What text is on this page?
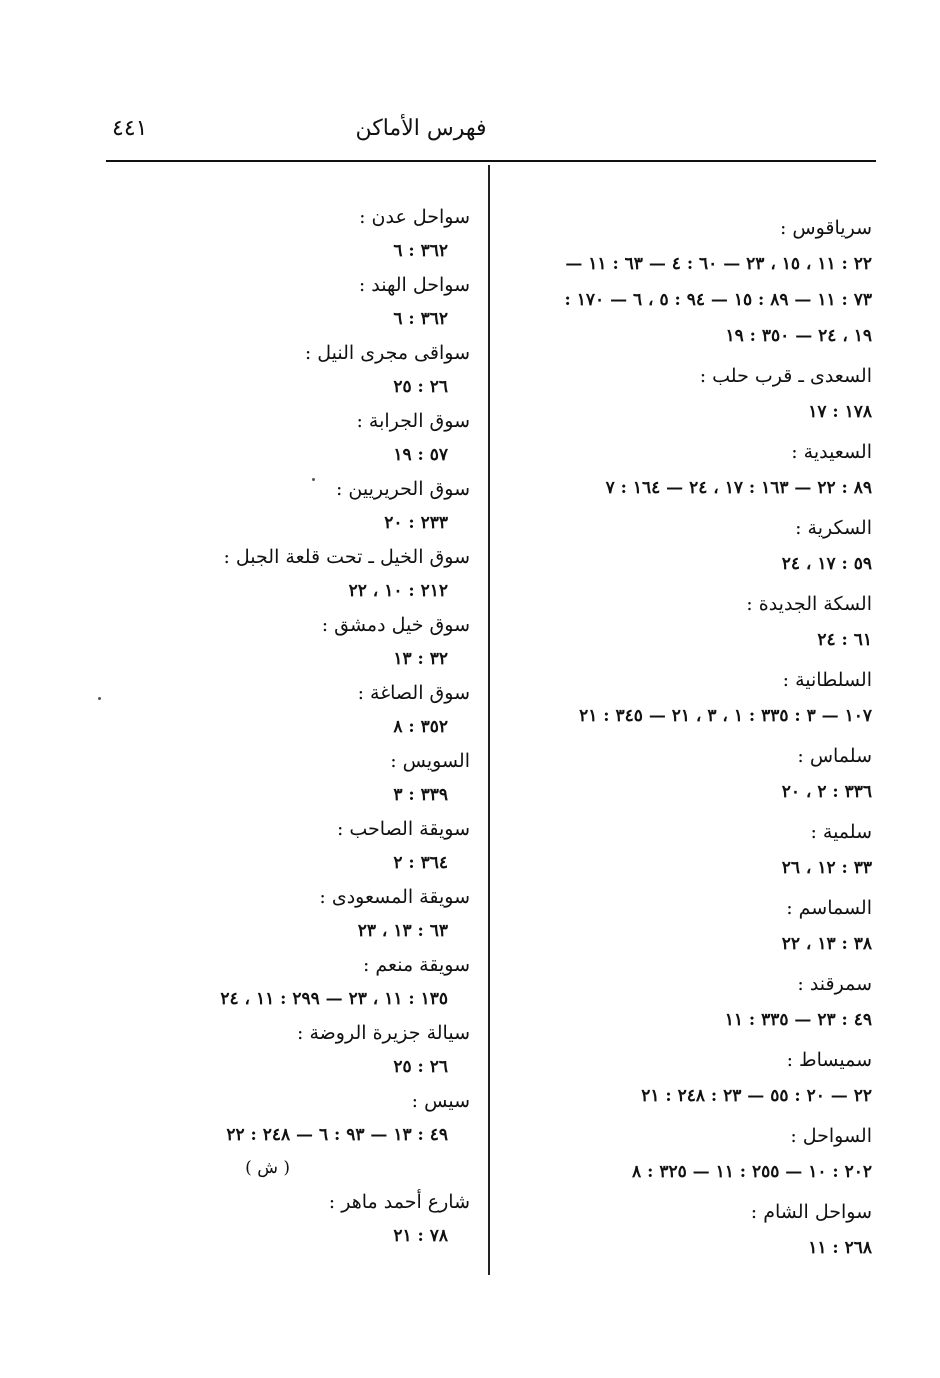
٤٤١	فهرس الأماكن
سرياقوس :
٢٢ : ١١ ، ١٥ ، ٢٣ — ٦٠ : ٤ — ٦٣ : ١١ —
٧٣ : ١١ — ٨٩ : ١٥ — ٩٤ : ٥ ، ٦ — ١٧٠ :
١٩ ، ٢٤ — ٣٥٠ : ١٩
السعدى ـ قرب حلب :
١٧٨ : ١٧
السعيدية :
٨٩ : ٢٢ — ١٦٣ : ١٧ ، ٢٤ — ١٦٤ : ٧
السكرية :
٥٩ : ١٧ ، ٢٤
السكة الجديدة :
٦١ : ٢٤
السلطانية :
١٠٧ — ٣ : ٣٣٥ : ١ ، ٣ ، ٢١ — ٣٤٥ : ٢١
سلماس :
٣٣٦ : ٢ ، ٢٠
سلمية :
٣٣ : ١٢ ، ٢٦
السماسم :
٣٨ : ١٣ ، ٢٢
سمرقند :
٤٩ : ٢٣ — ٣٣٥ : ١١
سميساط :
٢٢ — ٢٠ : ٥٥ — ٢٣ : ٢٤٨ : ٢١
السواحل :
٢٠٢ : ١٠ — ٢٥٥ : ١١ — ٣٢٥ : ٨
سواحل الشام :
٢٦٨ : ١١
سواحل عدن :
٣٦٢ : ٦
سواحل الهند :
٣٦٢ : ٦
سواقى مجرى النيل :
٢٦ : ٢٥
سوق الجرابة :
٥٧ : ١٩
سوق الحريريين :
٢٣٣ : ٢٠
سوق الخيل ـ تحت قلعة الجبل :
٢١٢ : ١٠ ، ٢٢
سوق خيل دمشق :
٣٢ : ١٣
سوق الصاغة :
٣٥٢ : ٨
السويس :
٣٣٩ : ٣
سويقة الصاحب :
٣٦٤ : ٢
سويقة المسعودى :
٦٣ : ١٣ ، ٢٣
سويقة منعم :
١٣٥ : ١١ ، ٢٣ — ٢٩٩ : ١١ ، ٢٤
سيالة جزيرة الروضة :
٢٦ : ٢٥
سيس :
٤٩ : ١٣ — ٩٣ : ٦ — ٢٤٨ : ٢٢
( ش )
شارع أحمد ماهر :
٧٨ : ٢١
